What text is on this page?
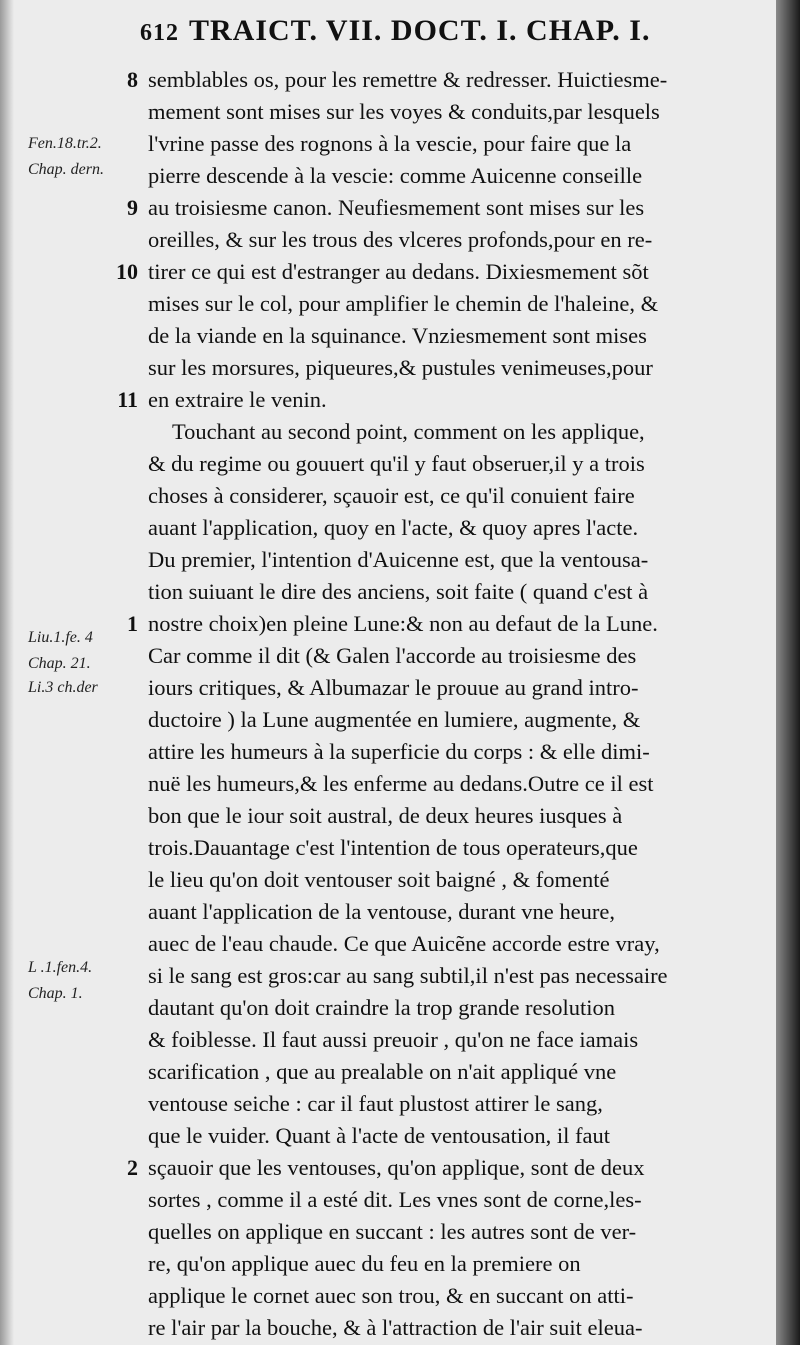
612 TRAICT. VII. DOCT. I. CHAP. I.
semblables os, pour les remettre & redresser. Huictiesme-
mement sont mises sur les voyes & conduits,par lesquels
l'vrine passe des rognons à la vescie, pour faire que la
pierre descende à la vescie: comme Auicenne conseille
au troisiesme canon. Neufiesmement sont mises sur les
oreilles, & sur les trous des vlceres profonds,pour en re-
tirer ce qui est d'estranger au dedans. Dixiesmement sõt
mises sur le col, pour amplifier le chemin de l'haleine, &
de la viande en la squinance. Vnziesmement sont mises
sur les morsures, piqueures,& pustules venimeuses,pour
en extraire le venin.
Touchant au second point, comment on les applique,
& du regime ou gouuert qu'il y faut obseruer,il y a trois
choses à considerer, sçauoir est, ce qu'il conuient faire
auant l'application, quoy en l'acte, & quoy apres l'acte.
Du premier, l'intention d'Auicenne est, que la ventousa-
tion suiuant le dire des anciens, soit faite ( quand c'est à
nostre choix)en pleine Lune:& non au defaut de la Lune.
Car comme il dit (& Galen l'accorde au troisiesme des
iours critiques, & Albumazar le prouue au grand intro-
ductoire ) la Lune augmentée en lumiere, augmente, &
attire les humeurs à la superficie du corps : & elle dimi-
nuë les humeurs,& les enferme au dedans.Outre ce il est
bon que le iour soit austral, de deux heures iusques à
trois.Dauantage c'est l'intention de tous operateurs,que
le lieu qu'on doit ventouser soit baigné , & fomenté
auant l'application de la ventouse, durant vne heure,
auec de l'eau chaude. Ce que Auicẽne accorde estre vray,
si le sang est gros:car au sang subtil,il n'est pas necessaire
dautant qu'on doit craindre la trop grande resolution
& foiblesse. Il faut aussi preuoir , qu'on ne face iamais
scarification , que au prealable on n'ait appliqué vne
ventouse seiche : car il faut plustost attirer le sang,
que le vuider. Quant à l'acte de ventousation, il faut
sçauoir que les ventouses, qu'on applique, sont de deux
sortes , comme il a esté dit. Les vnes sont de corne,les-
quelles on applique en succant : les autres sont de ver-
re, qu'on applique auec du feu en la premiere on
applique le cornet auec son trou, & en succant on atti-
re l'air par la bouche, & à l'attraction de l'air suit eleua-
8
9
10
11
1
2
Fen.18.tr.2.
Chap. dern.
Liu.1.fe. 4
Chap. 21.
Li.3 ch.der
L .1.fen.4.
Chap. 1.
